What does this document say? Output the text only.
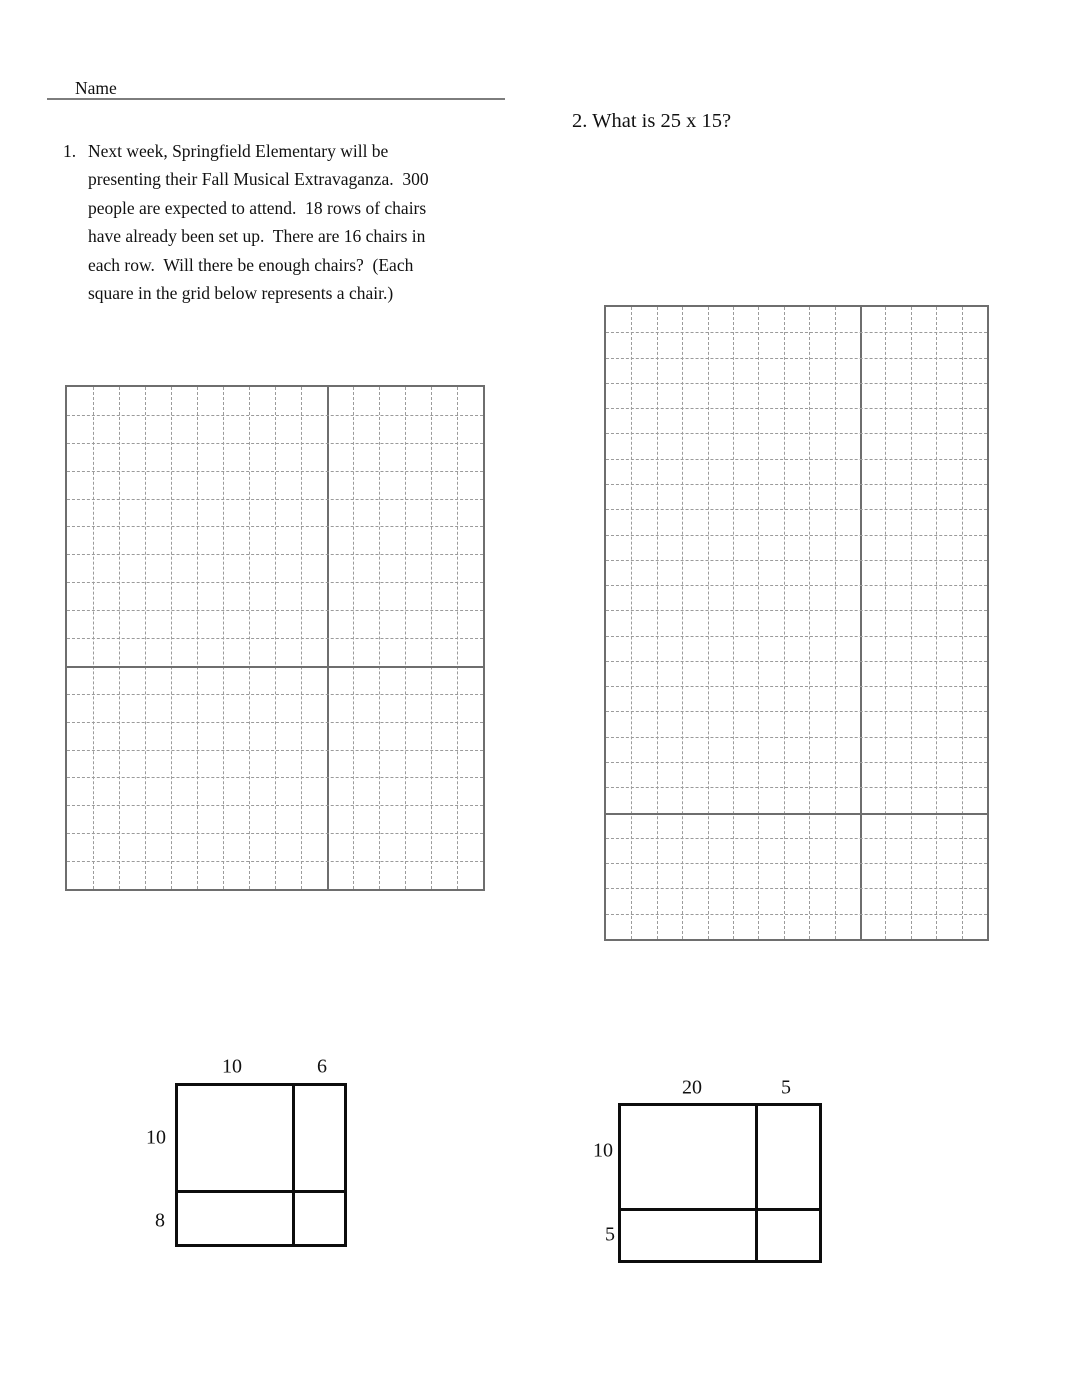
Name
1. Next week, Springfield Elementary will be
presenting their Fall Musical Extravaganza.  300
people are expected to attend.  18 rows of chairs
have already been set up.  There are 16 chairs in
each row.  Will there be enough chairs?  (Each
square in the grid below represents a chair.)
2. What is 25 x 15?
10	6
10
8
20	5
10
5
